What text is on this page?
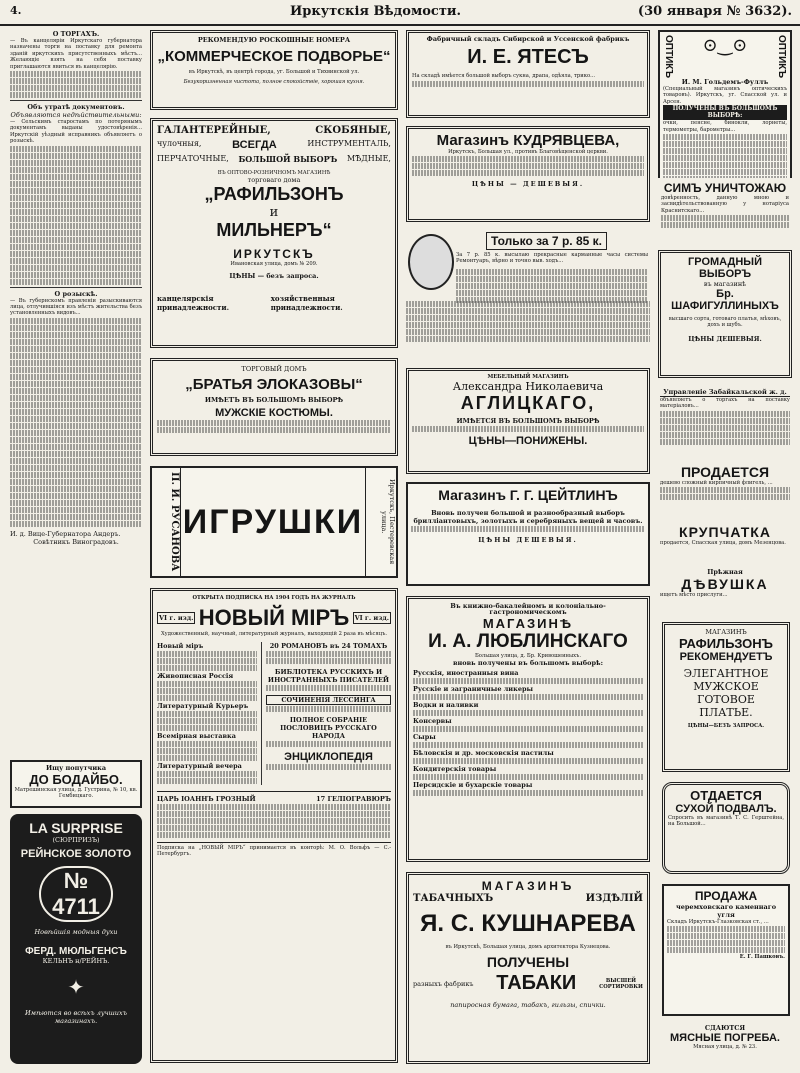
4.	Иркутскія Вѣдомости.	(30 января № 3632).
О ТОРГАХЪ.
— Въ канцеляріи Иркутскаго губернатора назначены торги на поставку для ремонта зданій иркутскихъ присутственныхъ мѣстъ... Желающіе взять на себя поставку приглашаются явиться въ канцелярію.
Объ утратѣ документовъ.
Объявляются недѣйствительными:
— Сельскимъ старостамъ по потерянымъ документамъ выданы удостовѣренія... Иркутскій уѣздный исправникъ объявляетъ о розыскѣ.
О розыскѣ.
— Въ губернскомъ правленіи разыскиваются лица, отлучившіяся изъ мѣстъ жительства безъ установленныхъ видовъ...
И. д. Вице-Губернатора Андеръ.
Совѣтникъ Виноградовъ.
Ищу попутчика
ДО БОДАЙБО.
Матрешинская улица, д. Густрина, № 10, кв. Гембицкаго.
LA SURPRISE
(СЮРПРИЗЪ)
РЕЙНСКОЕ ЗОЛОТО
№ 4711
Новѣйшія модныя духи
ФЕРД. МЮЛЬГЕНСЪ
КЕЛЬНЪ н/РЕЙНЪ.
✦
Имѣются во всѣхъ лучшихъ магазинахъ.
РЕКОМЕНДУЮ РОСКОШНЫЕ НОМЕРА
„КОММЕРЧЕСКОЕ ПОДВОРЬЕ“
въ Иркутскѣ, въ центрѣ города, уг. Большой и Тихвинской ул.
Безукоризненная чистота, полное спокойствіе, хорошая кухня.
ГАЛАНТЕРЕЙНЫЕ,	СКОБЯНЫЕ,
чулочныя,	ВСЕГДА	ИНСТРУМЕНТАЛЬ,
ПЕРЧАТОЧНЫЕ, БОЛЬШОЙ ВЫБОРЪ МѢДНЫЕ,
ВЪ ОПТОВО-РОЗНИЧНОМЪ МАГАЗИНѢ
торговаго дома
„РАФИЛЬЗОНЪ
и
МИЛЬНЕРЪ“
ИРКУТСКЪ
Ивановская улица, домъ № 209.
ЦѢНЫ — безъ запроса.
канцелярскія принадлежности.
хозяйственныя принадлежности.
ТОРГОВЫЙ ДОМЪ
„БРАТЬЯ ЭЛОКАЗОВЫ“
ИМѢЕТЪ ВЪ БОЛЬШОМЪ ВЫБОРѢ
МУЖСКІЕ КОСТЮМЫ.
П. И. РУСАНОВА ИГРУШКИ	Иркутскъ, Пестеревская улица.
ОТКРЫТА ПОДПИСКА НА 1904 ГОДЪ НА ЖУРНАЛЪ
VI г. изд. НОВЫЙ МІРЪ VI г. изд.
Художественный, научный, литературный журналъ, выходящій 2 раза въ мѣсяцъ.
Новый міръ
Живописная Россія
Литературный Курьеръ
Всемірная выставка
Литературный вечера
20 РОМАНОВЪ въ 24 ТОМАХЪ
БИБЛІОТЕКА РУССКИХЪ И ИНОСТРАННЫХЪ ПИСАТЕЛЕЙ
СОЧИНЕНІЯ ЛЕССИНГА
ПОЛНОЕ СОБРАНІЕ ПОСЛОВИЦЪ РУССКАГО НАРОДА
ЭНЦИКЛОПЕДІЯ
ЦАРЬ ІОАННЪ ГРОЗНЫЙ	17 ГЕЛІОГРАВЮРЪ
Подписка на „НОВЫЙ МІРЪ“ принимается въ конторѣ: М. О. Вольфъ — С.-Петербургъ.
Фабричный складъ Сибирской и Уссенской фабрикъ
И. Е. ЯТЕСЪ
На складѣ имѣется большой выборъ сукна, драпа, одѣяла, трико...
Магазинъ КУДРЯВЦЕВА,
Иркутскъ, Большая ул., противъ Благовѣщенской церкви.
ЦѢНЫ — ДЕШЕВЫЯ.
Только за 7 р. 85 к.
За 7 р. 85 к. высылаю прекрасные карманные часы системы Ремонтуаръ, вѣрно и точно выв. ходъ...
МЕБЕЛЬНЫЙ МАГАЗИНЪ
Александра Николаевича
АГЛИЦКАГО,
ИМѢЕТСЯ ВЪ БОЛЬШОМЪ ВЫБОРѢ
ЦѢНЫ—ПОНИЖЕНЫ.
Магазинъ Г. Г. ЦЕЙТЛИНЪ
Вновь получен большой и разнообразный выборъ брилліантовыхъ, золотыхъ и серебряныхъ вещей и часовъ.
ЦѢНЫ ДЕШЕВЫЯ.
Въ книжно-бакалейномъ и колоніально-гастрономическомъ
МАГАЗИНѢ
И. А. ЛЮБЛИНСКАГО
Большая улица, д. Бр. Кривошеиныхъ.
вновь получены въ большомъ выборѣ:
Русскія, иностранныя вина
Русскіе и заграничные ликеры
Водки и наливки
Консервы
Сыры
Бѣловскія и др. московскія пастилы
Кондитерскія товары
Персидскіе и бухарскіе товары
МАГАЗИНЪ
ТАБАЧНЫХЪ	ИЗДѢЛІЙ
Я. С. КУШНАРЕВА
въ Иркутскѣ, Большая улица, домъ архитектора Кузнецова.
ПОЛУЧЕНЫ
разныхъ фабрикъ ТАБАКИ	ВЫСШЕЙ СОРТИРОВКИ
папиросная бумага, табакъ, гильзы, спички.
ОПТИКЪ ⊙‿⊙	ОПТИКЪ
И. М. Гольдемъ-Фуллъ
(Специальный магазинъ оптическихъ товаровъ). Иркутскъ, уг. Спасской ул. и Арсен.
ПОЛУЧЕНЫ ВЪ БОЛЬШОМЪ ВЫБОРѢ:
очки, пенсне, бинокли, лорнеты, термометры, барометры...
СИМЪ УНИЧТОЖАЮ
довѣренность, данную мною и засвидѣтельствованную у нотаріуса Краснитскаго...
ГРОМАДНЫЙ ВЫБОРЪ
въ магазинѣ
Бр. ШАФИГУЛЛИНЫХЪ
высшаго сорта, готоваго платья, мѣховъ, дохъ и шубъ.
ЦѢНЫ ДЕШЕВЫЯ.
Управленіе Забайкальской ж. д.
объявляетъ о торгахъ на поставку матеріаловъ...
ПРОДАЕТСЯ
дешево сложный кирпичный флигель, ...
КРУПЧАТКА
продается, Спасская улица, домъ Мезенцова.
Прѣжная
ДѢВУШКА
ищетъ мѣсто прислуги...
МАГАЗИНЪ
РАФИЛЬЗОНЪ
РЕКОМЕНДУЕТЪ
ЭЛЕГАНТНОЕ
МУЖСКОЕ
ГОТОВОЕ
ПЛАТЬЕ.
ЦѢНЫ—БЕЗЪ ЗАПРОСА.
ОТДАЕТСЯ
СУХОЙ ПОДВАЛЪ.
Спросить въ магазинѣ Т. С. Герштейна, на Большой...
ПРОДАЖА
черемховскаго каменнаго угля
Складъ Иркутскъ-Глазковская ст., ...
Е. Г. Пашковъ.
СДАЮТСЯ
МЯСНЫЕ ПОГРЕБА.
Мясная улица, д. № 23.
